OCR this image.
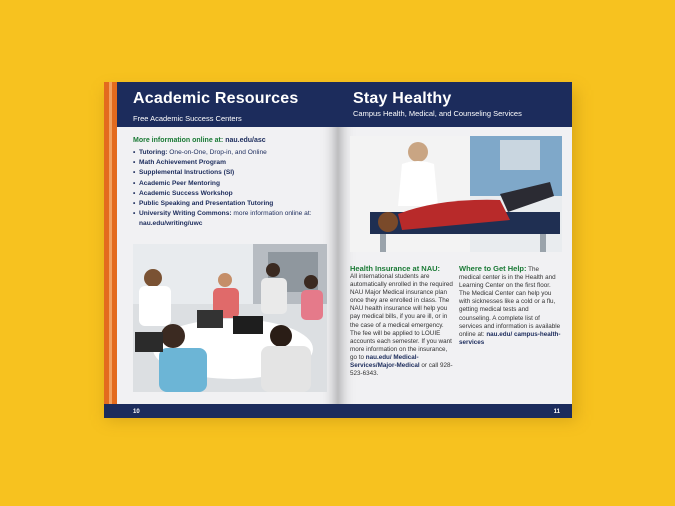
Academic Resources
Free Academic Success Centers
More information online at: nau.edu/asc
• Tutoring: One-on-One, Drop-in, and Online
• Math Achievement Program
• Supplemental Instructions (SI)
• Academic Peer Mentoring
• Academic Success Workshop
• Public Speaking and Presentation Tutoring
• University Writing Commons: more information online at:
nau.edu/writing/uwc
10
Stay Healthy
Campus Health, Medical, and Counseling Services
Health Insurance at NAU:
All international students are automatically enrolled in the required NAU Major Medical insurance plan once they are enrolled in class. The NAU health insurance will help you pay medical bills, if you are ill, or in the case of a medical emergency. The fee will be applied to LOUIE accounts each semester. If you want more information on the insurance, go to nau.edu/ Medical-Services/Major-Medical or call 928-523-6343.
Where to Get Help: The medical center is in the Health and Learning Center on the first floor. The Medical Center can help you with sicknesses like a cold or a flu, getting medical tests and counseling. A complete list of services and information is available online at: nau.edu/ campus-health-services
11
